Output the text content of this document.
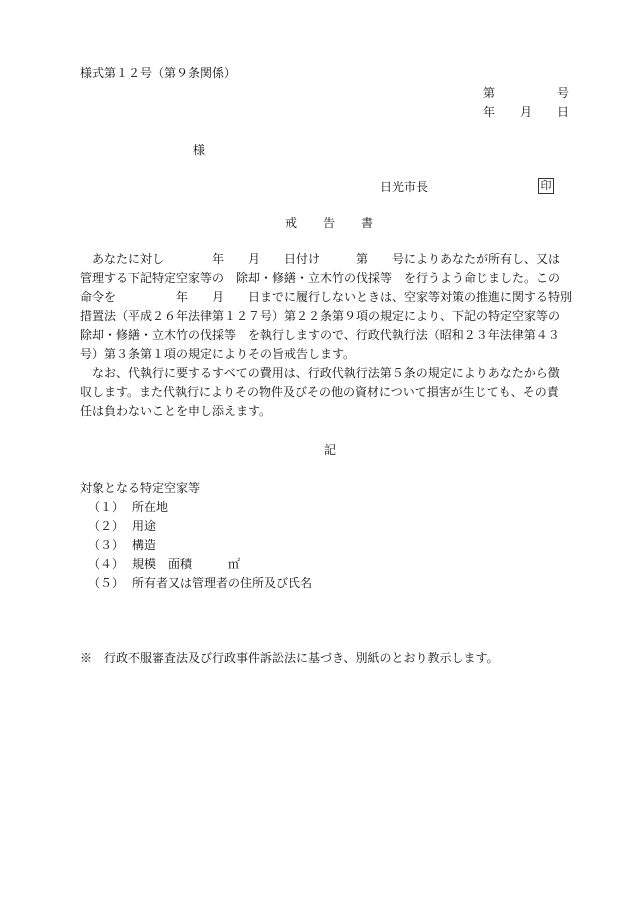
様式第１２号（第９条関係）
第	号
年 月 日
様
日光市長	印
戒 告 書
あなたに対し　　　　年　　月　　日付け　　　第　　号によりあなたが所有し、又は
管理する下記特定空家等の　除却・修繕・立木竹の伐採等　を行うよう命じました。この
命令を　　　　　年　　月　　日までに履行しないときは、空家等対策の推進に関する特別
措置法（平成２６年法律第１２７号）第２２条第９項の規定により、下記の特定空家等の
除却・修繕・立木竹の伐採等　を執行しますので、行政代執行法（昭和２３年法律第４３
号）第３条第１項の規定によりその旨戒告します。
なお、代執行に要するすべての費用は、行政代執行法第５条の規定によりあなたから徴
収します。また代執行によりその物件及びその他の資材について損害が生じても、その責
任は負わないことを申し添えます。
記
対象となる特定空家等
（１） 所在地
（２） 用途
（３） 構造
（４） 規模　面積　　　㎡
（５） 所有者又は管理者の住所及び氏名
※　行政不服審査法及び行政事件訴訟法に基づき、別紙のとおり教示します。
